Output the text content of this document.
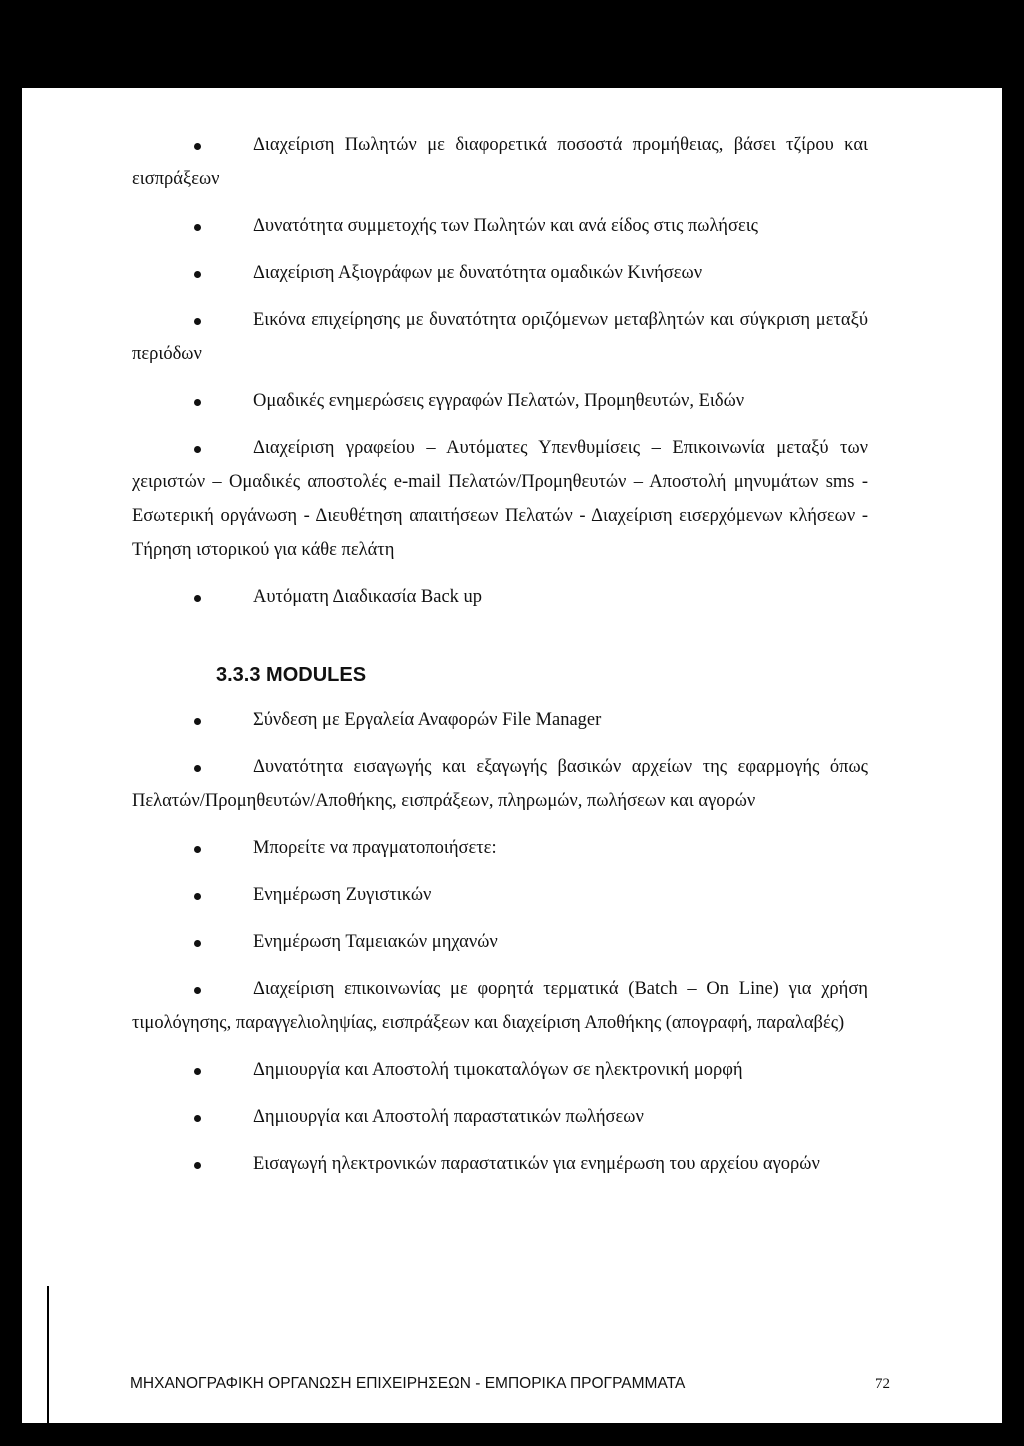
Διαχείριση Πωλητών με διαφορετικά ποσοστά προμήθειας, βάσει τζίρου και εισπράξεων

Δυνατότητα συμμετοχής των Πωλητών και ανά είδος στις πωλήσεις

Διαχείριση Αξιογράφων με δυνατότητα ομαδικών Κινήσεων

Εικόνα επιχείρησης με δυνατότητα οριζόμενων μεταβλητών και σύγκριση μεταξύ περιόδων

Ομαδικές ενημερώσεις εγγραφών Πελατών, Προμηθευτών, Ειδών

Διαχείριση γραφείου – Αυτόματες Υπενθυμίσεις – Επικοινωνία μεταξύ των χειριστών – Ομαδικές αποστολές e-mail Πελατών/Προμηθευτών – Αποστολή μηνυμάτων sms - Εσωτερική οργάνωση - Διευθέτηση απαιτήσεων Πελατών - Διαχείριση εισερχόμενων κλήσεων - Τήρηση ιστορικού για κάθε πελάτη

Αυτόματη Διαδικασία Back up

3.3.3 MODULES

Σύνδεση με Εργαλεία Αναφορών File Manager

Δυνατότητα εισαγωγής και εξαγωγής βασικών αρχείων της εφαρμογής όπως Πελατών/Προμηθευτών/Αποθήκης, εισπράξεων, πληρωμών, πωλήσεων και αγορών

Μπορείτε να πραγματοποιήσετε:

Ενημέρωση Ζυγιστικών

Ενημέρωση Ταμειακών μηχανών

Διαχείριση επικοινωνίας με φορητά τερματικά (Batch – On Line) για χρήση τιμολόγησης, παραγγελιοληψίας, εισπράξεων και διαχείριση Αποθήκης (απογραφή, παραλαβές)

Δημιουργία και Αποστολή τιμοκαταλόγων σε ηλεκτρονική μορφή

Δημιουργία και Αποστολή παραστατικών πωλήσεων

Εισαγωγή ηλεκτρονικών παραστατικών για ενημέρωση του αρχείου αγορών

ΜΗΧΑΝΟΓΡΑΦΙΚΗ ΟΡΓΑΝΩΣΗ ΕΠΙΧΕΙΡΗΣΕΩΝ - ΕΜΠΟΡΙΚΑ ΠΡΟΓΡΑΜΜΑΤΑ	72
